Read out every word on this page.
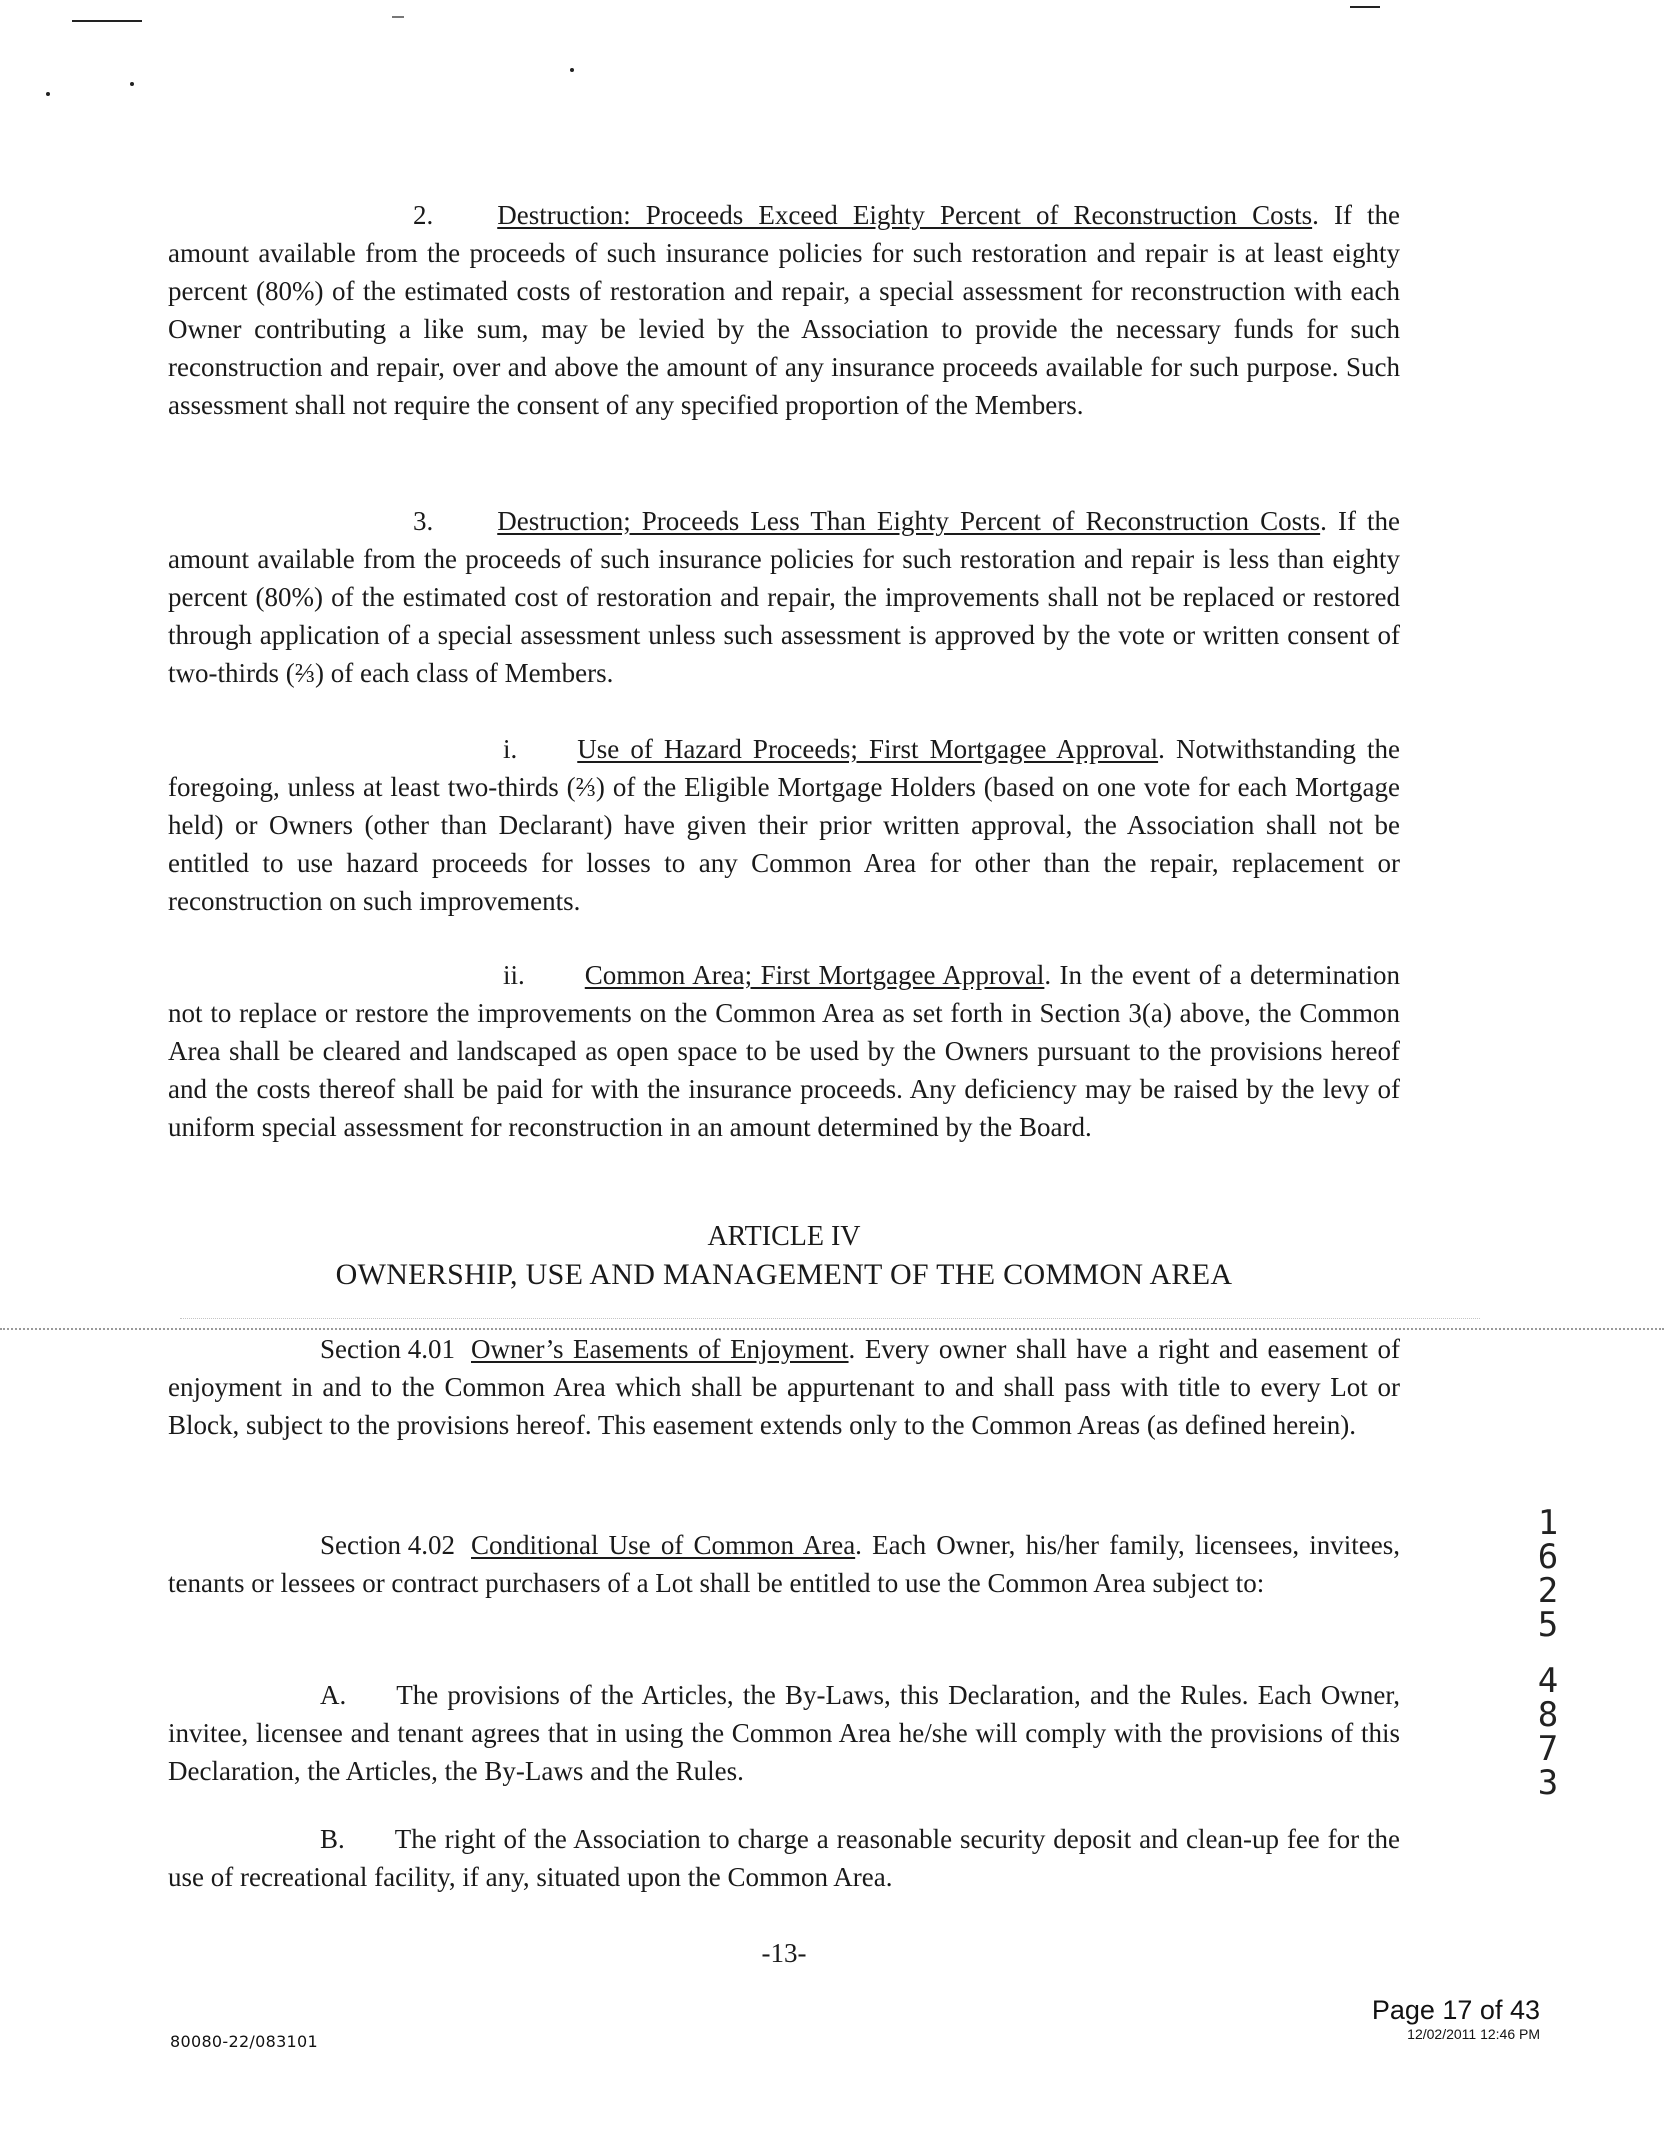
2. Destruction: Proceeds Exceed Eighty Percent of Reconstruction Costs. If the amount available from the proceeds of such insurance policies for such restoration and repair is at least eighty percent (80%) of the estimated costs of restoration and repair, a special assessment for reconstruction with each Owner contributing a like sum, may be levied by the Association to provide the necessary funds for such reconstruction and repair, over and above the amount of any insurance proceeds available for such purpose. Such assessment shall not require the consent of any specified proportion of the Members.

3. Destruction; Proceeds Less Than Eighty Percent of Reconstruction Costs. If the amount available from the proceeds of such insurance policies for such restoration and repair is less than eighty percent (80%) of the estimated cost of restoration and repair, the improvements shall not be replaced or restored through application of a special assessment unless such assessment is approved by the vote or written consent of two-thirds (⅔) of each class of Members.

i. Use of Hazard Proceeds; First Mortgagee Approval. Notwithstanding the foregoing, unless at least two-thirds (⅔) of the Eligible Mortgage Holders (based on one vote for each Mortgage held) or Owners (other than Declarant) have given their prior written approval, the Association shall not be entitled to use hazard proceeds for losses to any Common Area for other than the repair, replacement or reconstruction on such improvements.

ii. Common Area; First Mortgagee Approval. In the event of a determination not to replace or restore the improvements on the Common Area as set forth in Section 3(a) above, the Common Area shall be cleared and landscaped as open space to be used by the Owners pursuant to the provisions hereof and the costs thereof shall be paid for with the insurance proceeds. Any deficiency may be raised by the levy of uniform special assessment for reconstruction in an amount determined by the Board.

ARTICLE IV
OWNERSHIP, USE AND MANAGEMENT OF THE COMMON AREA

Section 4.01 Owner’s Easements of Enjoyment. Every owner shall have a right and easement of enjoyment in and to the Common Area which shall be appurtenant to and shall pass with title to every Lot or Block, subject to the provisions hereof. This easement extends only to the Common Areas (as defined herein).

Section 4.02 Conditional Use of Common Area. Each Owner, his/her family, licensees, invitees, tenants or lessees or contract purchasers of a Lot shall be entitled to use the Common Area subject to:

A. The provisions of the Articles, the By-Laws, this Declaration, and the Rules. Each Owner, invitee, licensee and tenant agrees that in using the Common Area he/she will comply with the provisions of this Declaration, the Articles, the By-Laws and the Rules.

B. The right of the Association to charge a reasonable security deposit and clean-up fee for the use of recreational facility, if any, situated upon the Common Area.

-13-
1
6
2
5
4
8
7
3
80080-22/083101
Page 17 of 43
12/02/2011 12:46 PM
